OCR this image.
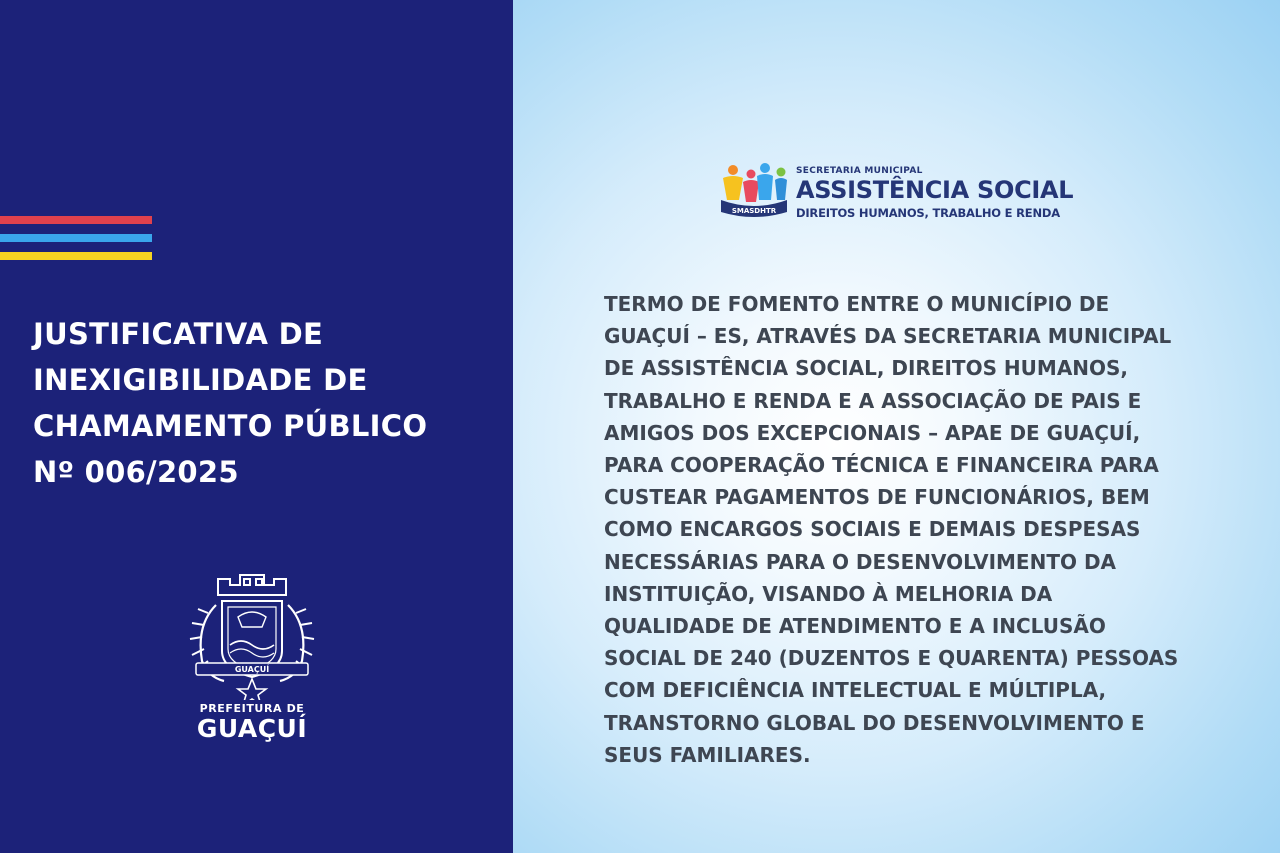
JUSTIFICATIVA DE
INEXIGIBILIDADE DE
CHAMAMENTO PÚBLICO
Nº 006/2025
GUAÇUÍ
PREFEITURA DE
GUAÇUÍ
SMASDHTR
SECRETARIA MUNICIPAL
ASSISTÊNCIA SOCIAL
DIREITOS HUMANOS, TRABALHO E RENDA
TERMO DE FOMENTO ENTRE O MUNICÍPIO DE
GUAÇUÍ – ES, ATRAVÉS DA SECRETARIA MUNICIPAL
DE ASSISTÊNCIA SOCIAL, DIREITOS HUMANOS,
TRABALHO E RENDA E A ASSOCIAÇÃO DE PAIS E
AMIGOS DOS EXCEPCIONAIS – APAE DE GUAÇUÍ,
PARA COOPERAÇÃO TÉCNICA E FINANCEIRA PARA
CUSTEAR PAGAMENTOS DE FUNCIONÁRIOS, BEM
COMO ENCARGOS SOCIAIS E DEMAIS DESPESAS
NECESSÁRIAS PARA O DESENVOLVIMENTO DA
INSTITUIÇÃO, VISANDO À MELHORIA DA
QUALIDADE DE ATENDIMENTO E A INCLUSÃO
SOCIAL DE 240 (DUZENTOS E QUARENTA) PESSOAS
COM DEFICIÊNCIA INTELECTUAL E MÚLTIPLA,
TRANSTORNO GLOBAL DO DESENVOLVIMENTO E
SEUS FAMILIARES.
